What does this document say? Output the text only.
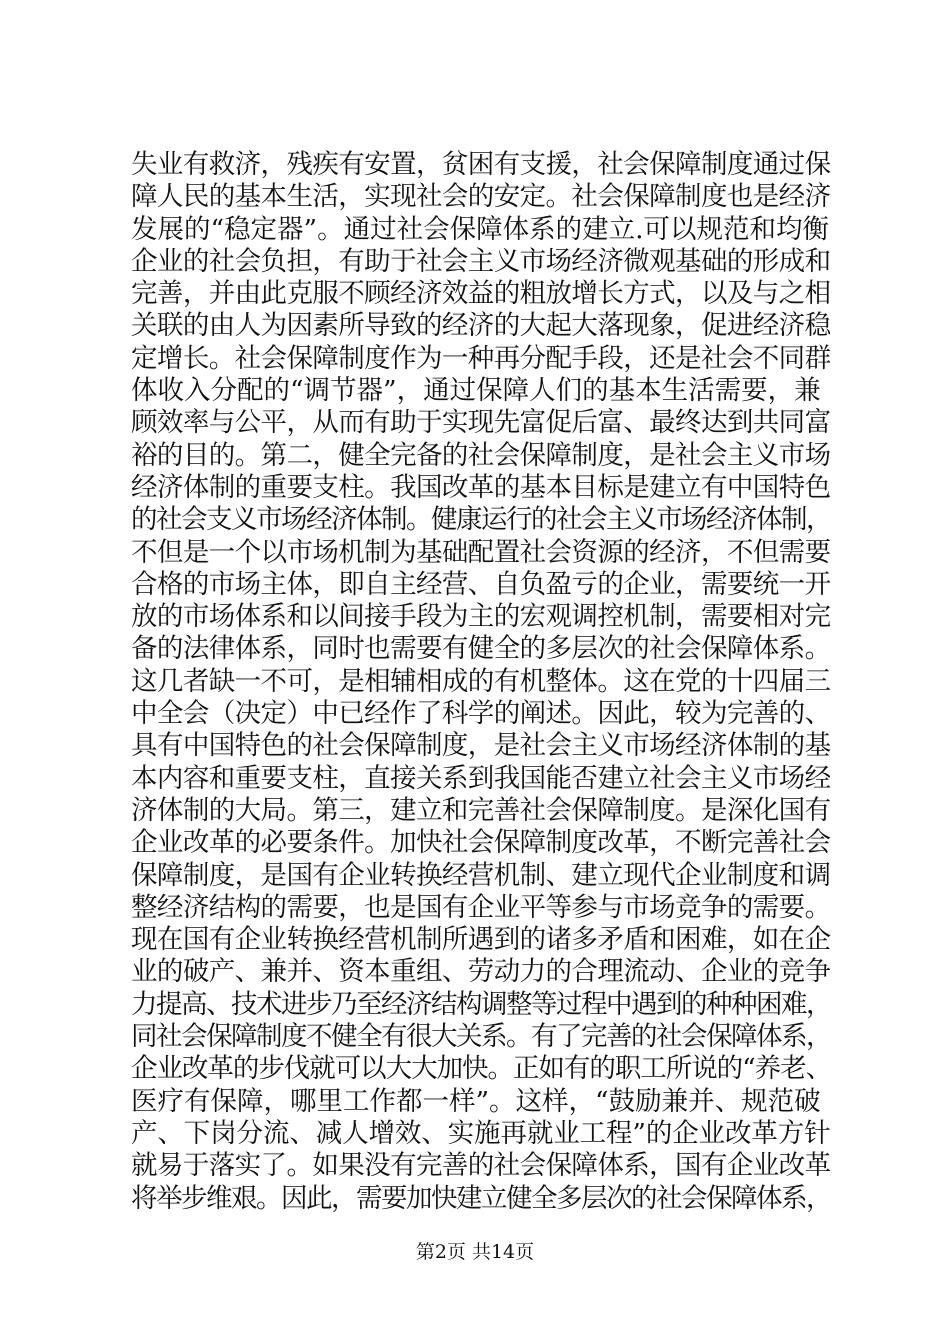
失业有救济，残疾有安置，贫困有支援，社会保障制度通过保
障人民的基本生活，实现社会的安定。社会保障制度也是经济
发展的“稳定器”。通过社会保障体系的建立.可以规范和均衡
企业的社会负担，有助于社会主义市场经济微观基础的形成和
完善，并由此克服不顾经济效益的粗放增长方式，以及与之相
关联的由人为因素所导致的经济的大起大落现象，促进经济稳
定增长。社会保障制度作为一种再分配手段，还是社会不同群
体收入分配的“调节器”，通过保障人们的基本生活需要，兼
顾效率与公平，从而有助于实现先富促后富、最终达到共同富
裕的目的。第二，健全完备的社会保障制度，是社会主义市场
经济体制的重要支柱。我国改革的基本目标是建立有中国特色
的社会支义市场经济体制。健康运行的社会主义市场经济体制，
不但是一个以市场机制为基础配置社会资源的经济，不但需要
合格的市场主体，即自主经营、自负盈亏的企业，需要统一开
放的市场体系和以间接手段为主的宏观调控机制，需要相对完
备的法律体系，同时也需要有健全的多层次的社会保障体系。
这几者缺一不可，是相辅相成的有机整体。这在党的十四届三
中全会（决定）中已经作了科学的阐述。因此，较为完善的、
具有中国特色的社会保障制度，是社会主义市场经济体制的基
本内容和重要支柱，直接关系到我国能否建立社会主义市场经
济体制的大局。第三，建立和完善社会保障制度。是深化国有
企业改革的必要条件。加快社会保障制度改革，不断完善社会
保障制度，是国有企业转换经营机制、建立现代企业制度和调
整经济结构的需要，也是国有企业平等参与市场竞争的需要。
现在国有企业转换经营机制所遇到的诸多矛盾和困难，如在企
业的破产、兼并、资本重组、劳动力的合理流动、企业的竞争
力提高、技术进步乃至经济结构调整等过程中遇到的种种困难，
同社会保障制度不健全有很大关系。有了完善的社会保障体系，
企业改革的步伐就可以大大加快。正如有的职工所说的“养老、
医疗有保障，哪里工作都一样”。这样，“鼓励兼并、规范破
产、下岗分流、减人增效、实施再就业工程”的企业改革方针
就易于落实了。如果没有完善的社会保障体系，国有企业改革
将举步维艰。因此，需要加快建立健全多层次的社会保障体系，
第2页 共14页
